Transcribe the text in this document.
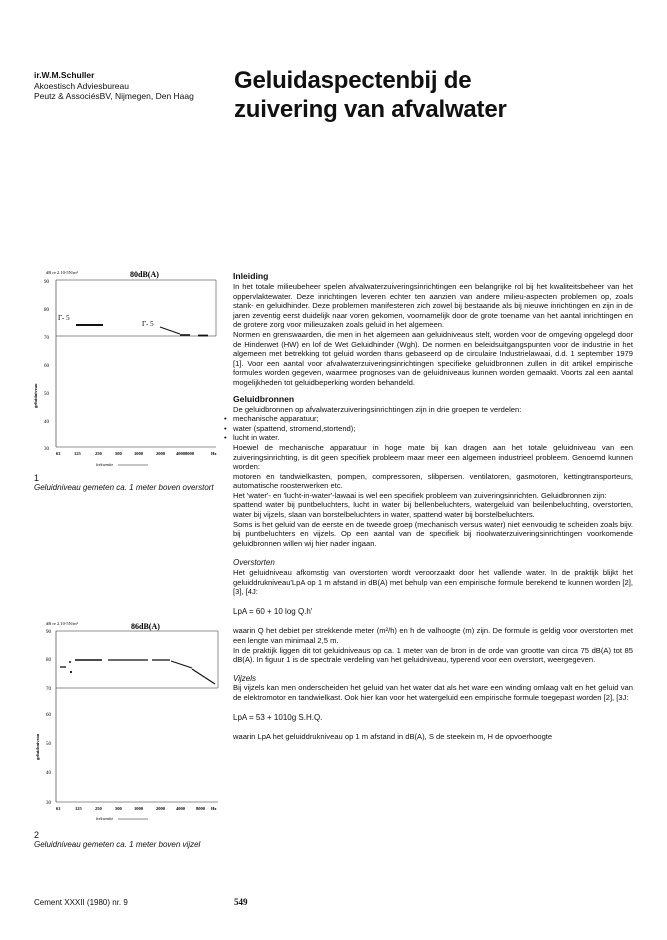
ir.W.M.Schuller
Akoestisch Adviesbureau
Peutz & AssociésBV, Nijmegen, Den Haag
Geluidaspectenbij de
zuivering van afvalwater
dB re 2.10-5N/m²	80dB(A)
90
80
70
60
50
40
30
geluidniveau
Γ- 5
Γ- 5
63	125	250	500	1000	2000 40008000	Hz
frekwentie
1
Geluidniveau gemeten ca. 1 meter boven overstort
dB re 2.10-5N/m²	86dB(A)
90
80
70
60
50
40
30
geluidsniveau
63	125	250	500	1000	2000 4000 8000 Hz
frekwentie
2
Geluidniveau gemeten ca. 1 meter boven vijzel
Inleiding

In het totale milieubeheer spelen afvalwaterzuiveringsinrichtingen een belangrijke rol bij het kwaliteitsbeheer van het oppervlaktewater. Deze inrichtingen leveren echter ten aanzien van andere milieu-aspecten problemen op, zoals stank- en geluidhinder. Deze problemen manifesteren zich zowel bij bestaande als bij nieuwe inrichtingen en zijn in de jaren zeventig eerst duidelijk naar voren gekomen, voornamelijk door de grote toename van het aantal inrichtingen en de grotere zorg voor milieuzaken zoals geluid in het algemeen.

Normen en grenswaarden, die men in het algemeen aan geluidniveaus stelt, worden voor de omgeving opgelegd door de Hinderwet (HW) en lof de Wet Geluidhinder (Wgh). De normen en beleidsuitgangspunten voor de industrie in het algemeen met betrekking tot geluid worden thans gebaseerd op de circulaire Industrielawaai, d.d. 1 september 1979 [1]. Voor een aantal voor afvalwaterzuiveringsinrichtingen specifieke geluidbronnen zullen in dit artikel empirische formules worden gegeven, waarmee prognoses van de geluidniveaus kunnen worden gemaakt. Voorts zal een aantal mogelijkheden tot geluidbeperking worden behandeld.

Geluidbronnen

De geluidbronnen op afvalwaterzuiveringsinrichtingen zijn in drie groepen te verdelen:

• mechanische apparatuur;
• water (spattend, stromend,stortend);
• lucht in water.

Hoewel de mechanische apparatuur in hoge mate bij kan dragen aan het totale geluidniveau van een zuiveringsinrichting, is dit geen specifiek probleem maar meer een algemeen industrieel probleem. Genoemd kunnen worden:

motoren en tandwielkasten, pompen, compressoren, slibpersen. ventilatoren, gasmotoren, kettingtransporteurs, automatische roosterwerken etc.

Het 'water'- en 'lucht-in-water'-lawaai is wel een specifiek probleem van zuiveringsinrichten. Geluidbronnen zijn:

spattend water bij puntbeluchters, lucht in water bij bellenbeluchters, watergeluid van beilenbeluchting, overstorten, water bij vijzels, slaan van borstelbeluchters in water, spattend water bij borstelbeluchters.

Soms is het geluid van de eerste en de tweede groep (mechanisch versus water) niet eenvoudig te scheiden zoals bijv. bij puntbeluchters en vijzels. Op een aantal van de specifiek bij rioolwaterzuiveringsinrichtingen voorkomende geluidbronnen willen wij hier nader ingaan.

Overstorten

Het geluidniveau afkomstig van overstorten wordt veroorzaakt door het vallende water. In de praktijk blijkt het geluiddrukniveau'LpA op 1 m afstand in dB(A) met behulp van een empirische formule berekend te kunnen worden [2], [3], [4J:

LpA = 60 + 10 log Q.h'

waarin Q het debiet per strekkende meter (m²/h) en h de valhoogte (m) zijn. De formule is geldig voor overstorten met een lengte van minimaal 2,5 m.

In de praktijk liggen dit tot geluidniveaus op ca. 1 meter van de bron in de orde van grootte van circa 75 dB(A) tot 85 dB(A). In figuur 1 is de spectrale verdeling van het geluidniveau, typerend voor een overstort, weergegeven.

Vijzels

Bij vijzels kan men onderscheiden het geluid van het water dat als het ware een winding omlaag valt en het geluid van de elektromotor en tandwielkast. Ook hier kan voor het watergeluid een empirische formule toegepast worden [2], [3J:

LpA = 53 + 1010g S.H.Q.

waarin LpA het geluiddrukniveau op 1 m afstand in dB(A), S de steekein m, H de opvoerhoogte

Cement XXXII (1980) nr. 9	549
